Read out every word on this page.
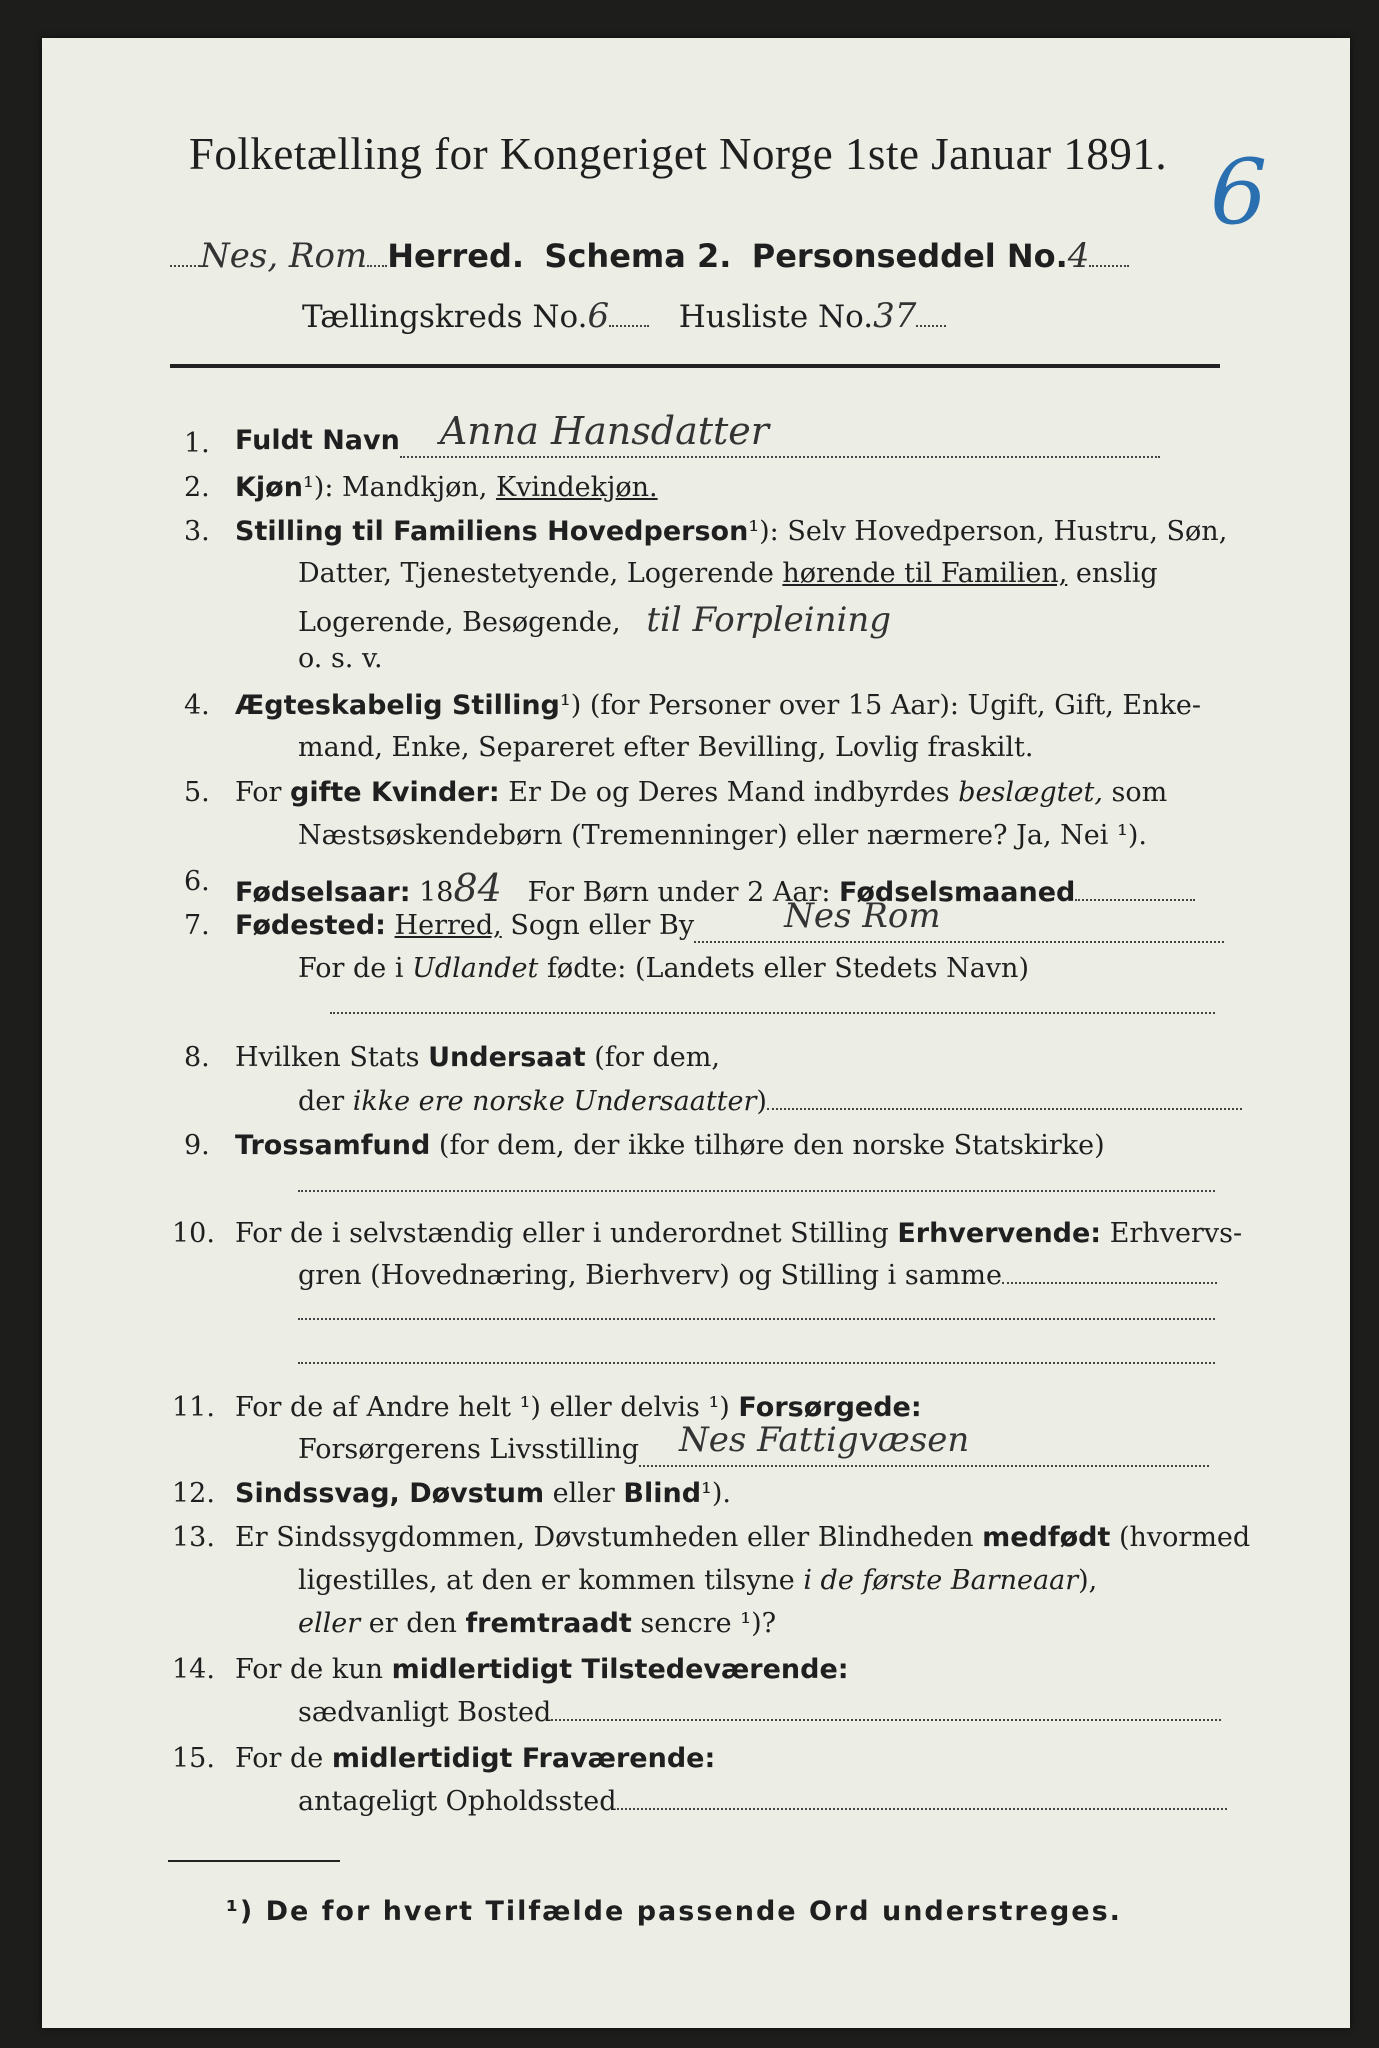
Folketælling for Kongeriget Norge 1ste Januar 1891. 6
Nes, Rom Herred. Schema 2. Personseddel No.4
Tællingskreds No.6 Husliste No.37
1. Fuldt Navn Anna Hansdatter

2. Kjøn¹): Mandkjøn, Kvindekjøn.
3. Stilling til Familiens Hovedperson¹): Selv Hovedperson, Hustru, Søn,
Datter, Tjenestetyende, Logerende hørende til Familien, enslig
Logerende, Besøgende, til Forpleining
o. s. v.
4. Ægteskabelig Stilling¹) (for Personer over 15 Aar): Ugift, Gift, Enke-
mand, Enke, Separeret efter Bevilling, Lovlig fraskilt.
5. For gifte Kvinder: Er De og Deres Mand indbyrdes beslægtet, som
Næstsøskendebørn (Tremenninger) eller nærmere? Ja, Nei ¹).
6. Fødselsaar: 1884 For Børn under 2 Aar: Fødselsmaaned
7. Fødested: Herred, Sogn eller By	Nes Rom

For de i Udlandet fødte: (Landets eller Stedets Navn)
8. Hvilken Stats Undersaat (for dem,
der ikke ere norske Undersaatter)
9. Trossamfund (for dem, der ikke tilhøre den norske Statskirke)
10. For de i selvstændig eller i underordnet Stilling Erhvervende: Erhvervs-
gren (Hovednæring, Bierhverv) og Stilling i samme
11. For de af Andre helt ¹) eller delvis ¹) Forsørgede:
Forsørgerens Livsstilling Nes Fattigvæsen

12. Sindssvag, Døvstum eller Blind¹).
13. Er Sindssygdommen, Døvstumheden eller Blindheden medfødt (hvormed
ligestilles, at den er kommen tilsyne i de første Barneaar),
eller er den fremtraadt sencre ¹)?
14. For de kun midlertidigt Tilstedeværende:
sædvanligt Bosted
15. For de midlertidigt Fraværende:
antageligt Opholdssted
¹) De for hvert Tilfælde passende Ord understreges.
